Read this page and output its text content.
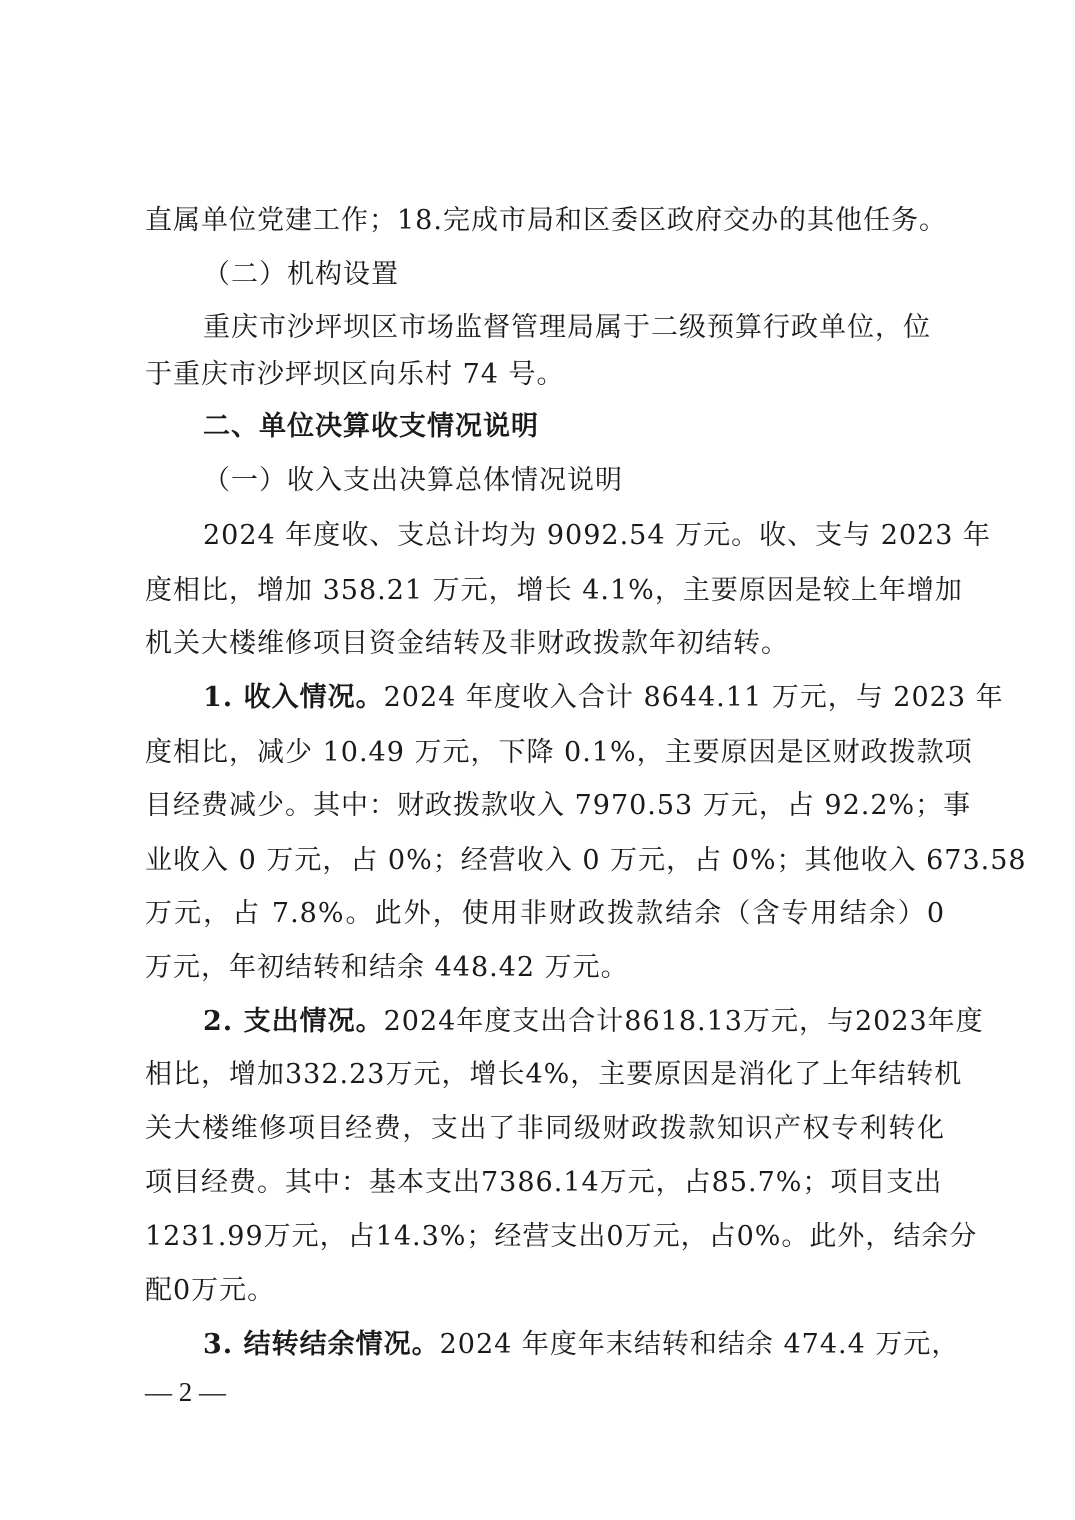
直属单位党建工作；18.完成市局和区委区政府交办的其他任务。
（二）机构设置
重庆市沙坪坝区市场监督管理局属于二级预算行政单位，位
于重庆市沙坪坝区向乐村 74 号。
二、单位决算收支情况说明
（一）收入支出决算总体情况说明
2024 年度收、支总计均为 9092.54 万元。收、支与 2023 年
度相比，增加 358.21 万元，增长 4.1%，主要原因是较上年增加
机关大楼维修项目资金结转及非财政拨款年初结转。
1. 收入情况。 2024 年度收入合计 8644.11 万元，与 2023 年
度相比，减少 10.49 万元，下降 0.1%，主要原因是区财政拨款项
目经费减少。其中：财政拨款收入 7970.53 万元，占 92.2%；事
业收入 0 万元，占 0%；经营收入 0 万元，占 0%；其他收入 673.58
万元，占 7.8%。此外，使用非财政拨款结余（含专用结余）0
万元，年初结转和结余 448.42 万元。
2. 支出情况。 2024年度支出合计8618.13万元，与2023年度
相比，增加332.23万元，增长4%，主要原因是消化了上年结转机
关大楼维修项目经费，支出了非同级财政拨款知识产权专利转化
项目经费。其中：基本支出7386.14万元，占85.7%；项目支出
1231.99万元，占14.3%；经营支出0万元，占0%。此外，结余分
配0万元。
3. 结转结余情况。 2024 年度年末结转和结余 474.4 万元，
— 2 —
